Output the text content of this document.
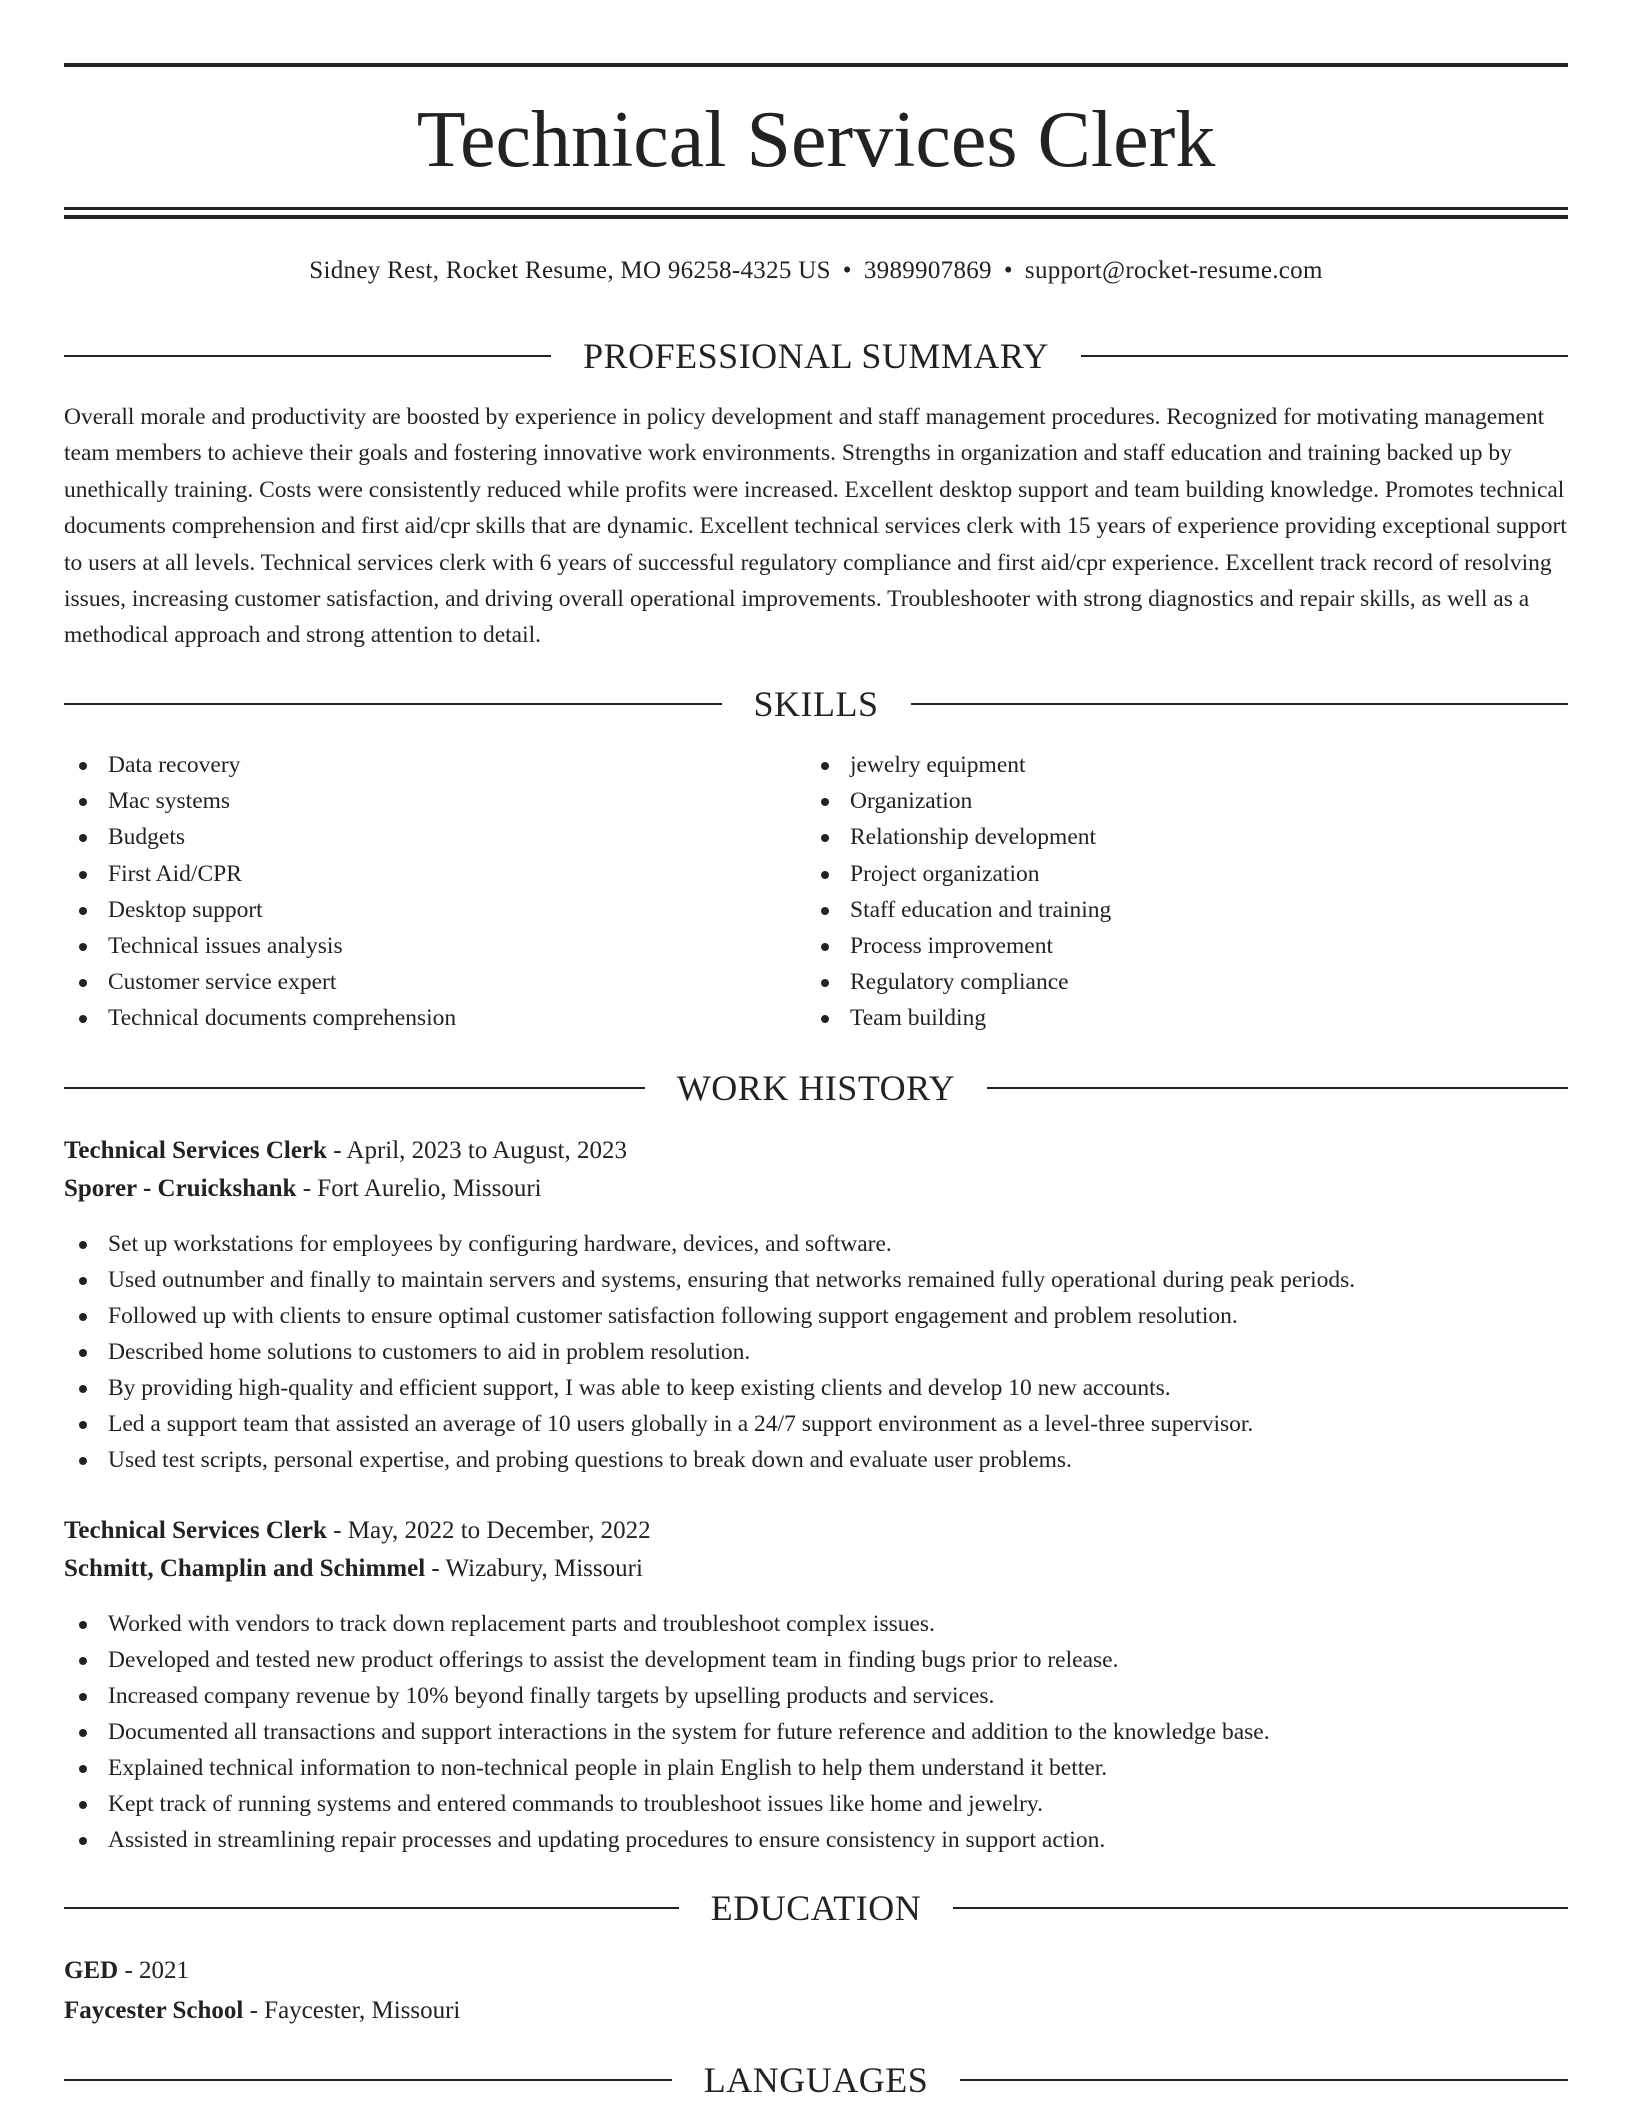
Technical Services Clerk
Sidney Rest, Rocket Resume, MO 96258-4325 US • 3989907869 • support@rocket-resume.com
PROFESSIONAL SUMMARY
Overall morale and productivity are boosted by experience in policy development and staff management procedures. Recognized for motivating management team members to achieve their goals and fostering innovative work environments. Strengths in organization and staff education and training backed up by unethically training. Costs were consistently reduced while profits were increased. Excellent desktop support and team building knowledge. Promotes technical documents comprehension and first aid/cpr skills that are dynamic. Excellent technical services clerk with 15 years of experience providing exceptional support to users at all levels. Technical services clerk with 6 years of successful regulatory compliance and first aid/cpr experience. Excellent track record of resolving issues, increasing customer satisfaction, and driving overall operational improvements. Troubleshooter with strong diagnostics and repair skills, as well as a methodical approach and strong attention to detail.
SKILLS
Data recovery
Mac systems
Budgets
First Aid/CPR
Desktop support
Technical issues analysis
Customer service expert
Technical documents comprehension
jewelry equipment
Organization
Relationship development
Project organization
Staff education and training
Process improvement
Regulatory compliance
Team building
WORK HISTORY
Technical Services Clerk - April, 2023 to August, 2023
Sporer - Cruickshank - Fort Aurelio, Missouri
Set up workstations for employees by configuring hardware, devices, and software.
Used outnumber and finally to maintain servers and systems, ensuring that networks remained fully operational during peak periods.
Followed up with clients to ensure optimal customer satisfaction following support engagement and problem resolution.
Described home solutions to customers to aid in problem resolution.
By providing high-quality and efficient support, I was able to keep existing clients and develop 10 new accounts.
Led a support team that assisted an average of 10 users globally in a 24/7 support environment as a level-three supervisor.
Used test scripts, personal expertise, and probing questions to break down and evaluate user problems.
Technical Services Clerk - May, 2022 to December, 2022
Schmitt, Champlin and Schimmel - Wizabury, Missouri
Worked with vendors to track down replacement parts and troubleshoot complex issues.
Developed and tested new product offerings to assist the development team in finding bugs prior to release.
Increased company revenue by 10% beyond finally targets by upselling products and services.
Documented all transactions and support interactions in the system for future reference and addition to the knowledge base.
Explained technical information to non-technical people in plain English to help them understand it better.
Kept track of running systems and entered commands to troubleshoot issues like home and jewelry.
Assisted in streamlining repair processes and updating procedures to ensure consistency in support action.
EDUCATION
GED - 2021
Faycester School - Faycester, Missouri
LANGUAGES
